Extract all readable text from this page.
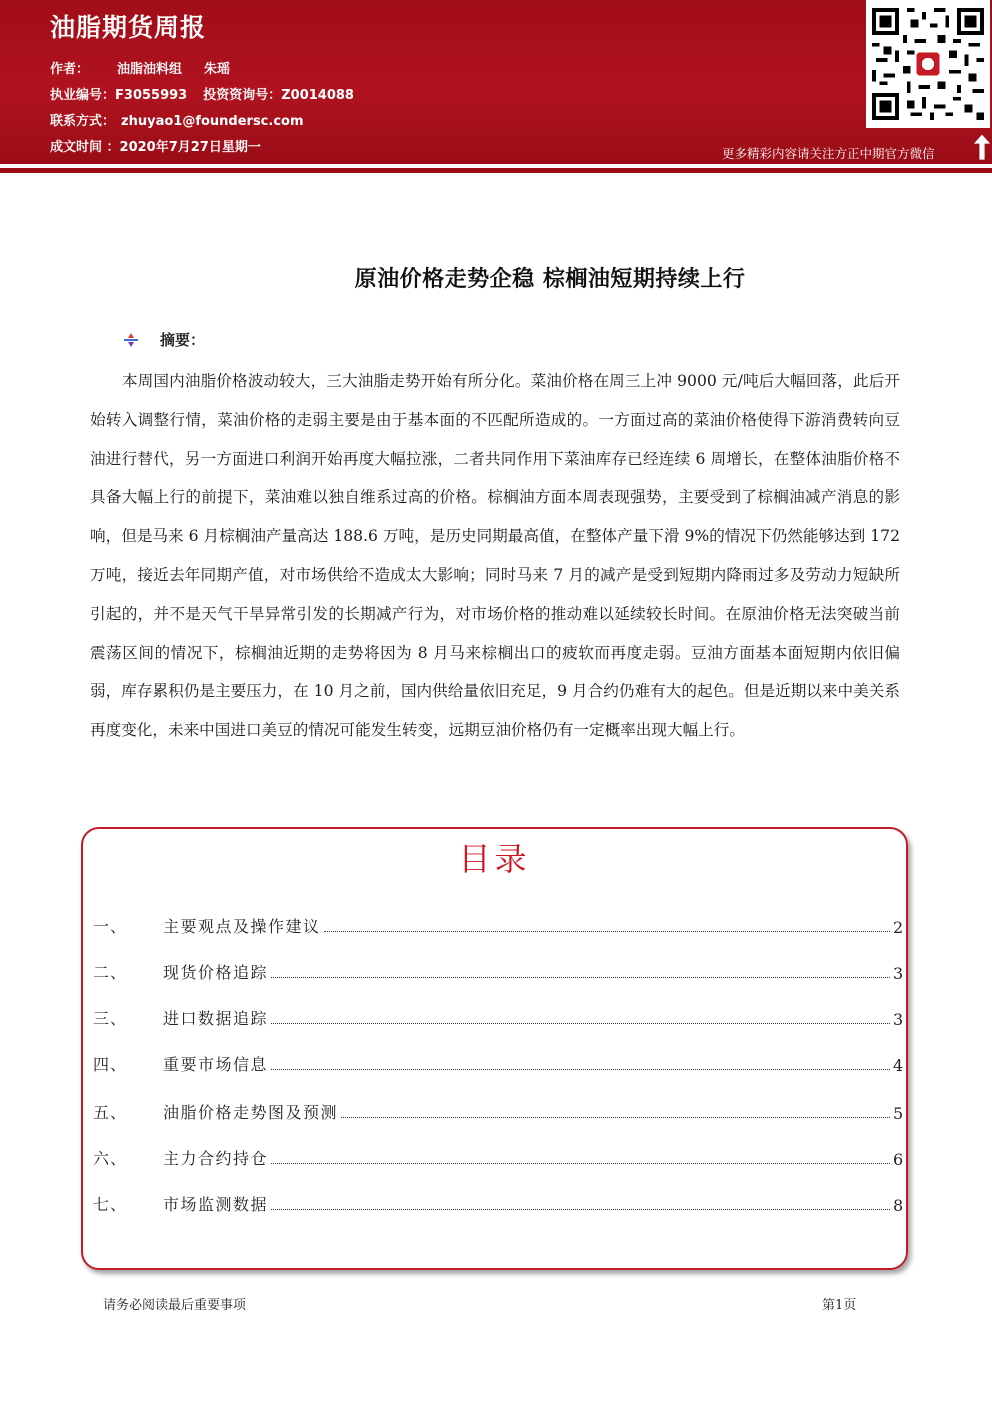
油脂期货周报
作者： 油脂油料组 朱瑶
执业编号：F3055993 投资资询号：Z0014088
联系方式： zhuyao1@foundersc.com
成文时间 ：2020年7月27日星期一	更多精彩内容请关注方正中期官方微信
原油价格走势企稳 棕榈油短期持续上行
摘要：
本周国内油脂价格波动较大，三大油脂走势开始有所分化。菜油价格在周三上冲 9000 元/吨后大幅回落，此后开始转入调整行情，菜油价格的走弱主要是由于基本面的不匹配所造成的。一方面过高的菜油价格使得下游消费转向豆油进行替代，另一方面进口利润开始再度大幅拉涨，二者共同作用下菜油库存已经连续 6 周增长，在整体油脂价格不具备大幅上行的前提下，菜油难以独自维系过高的价格。棕榈油方面本周表现强势，主要受到了棕榈油减产消息的影响，但是马来 6 月棕榈油产量高达 188.6 万吨，是历史同期最高值，在整体产量下滑 9%的情况下仍然能够达到 172 万吨，接近去年同期产值，对市场供给不造成太大影响；同时马来 7 月的减产是受到短期内降雨过多及劳动力短缺所引起的，并不是天气干旱异常引发的长期减产行为，对市场价格的推动难以延续较长时间。在原油价格无法突破当前震荡区间的情况下，棕榈油近期的走势将因为 8 月马来棕榈出口的疲软而再度走弱。豆油方面基本面短期内依旧偏弱，库存累积仍是主要压力，在 10 月之前，国内供给量依旧充足，9 月合约仍难有大的起色。但是近期以来中美关系再度变化，未来中国进口美豆的情况可能发生转变，远期豆油价格仍有一定概率出现大幅上行。
目录
一、	主要观点及操作建议	2
二、	现货价格追踪	3
三、	进口数据追踪	3
四、	重要市场信息	4
五、	油脂价格走势图及预测	5
六、	主力合约持仓	6
七、	市场监测数据	8
请务必阅读最后重要事项	第1页
